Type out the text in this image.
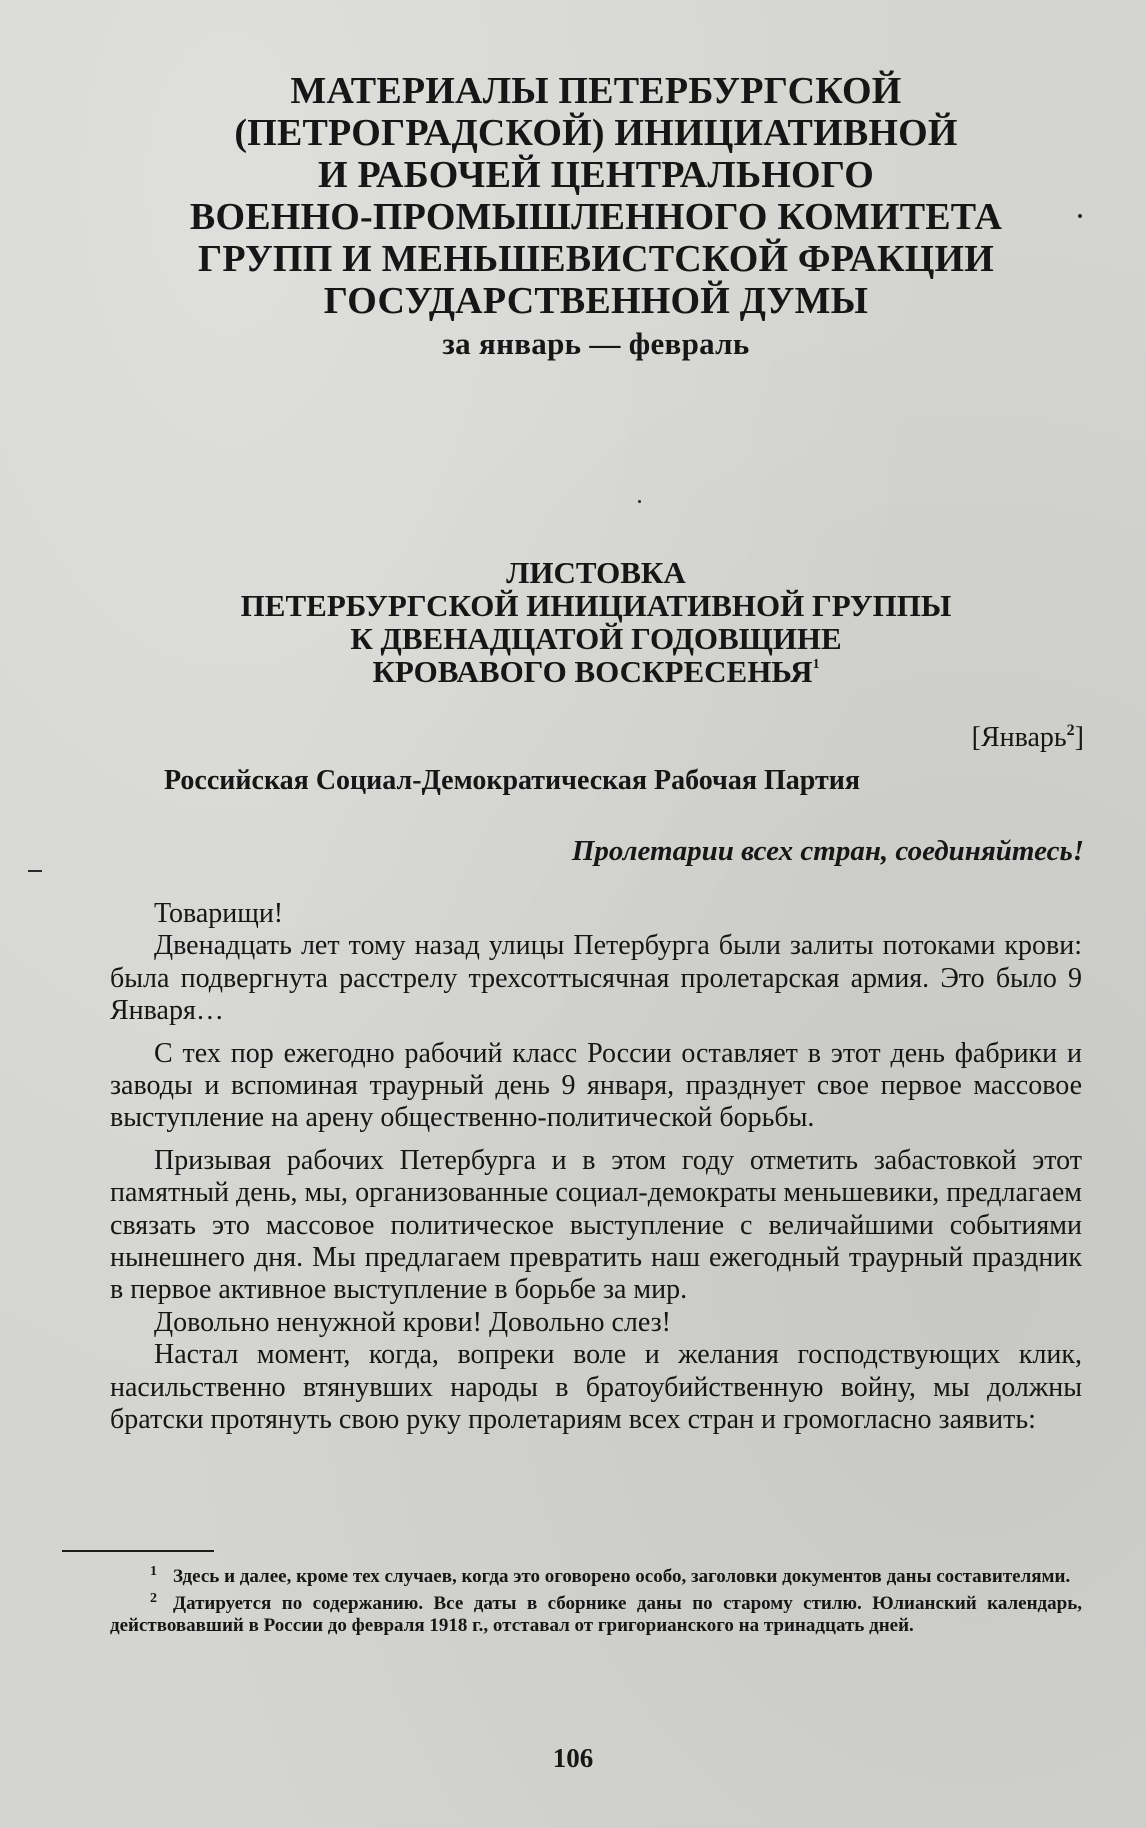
МАТЕРИАЛЫ ПЕТЕРБУРГСКОЙ
(ПЕТРОГРАДСКОЙ) ИНИЦИАТИВНОЙ
И РАБОЧЕЙ ЦЕНТРАЛЬНОГО
ВОЕННО-ПРОМЫШЛЕННОГО КОМИТЕТА
ГРУПП И МЕНЬШЕВИСТСКОЙ ФРАКЦИИ
ГОСУДАРСТВЕННОЙ ДУМЫ
за январь — февраль
ЛИСТОВКА
ПЕТЕРБУРГСКОЙ ИНИЦИАТИВНОЙ ГРУППЫ
К ДВЕНАДЦАТОЙ ГОДОВЩИНЕ
КРОВАВОГО ВОСКРЕСЕНЬЯ$^1$
[Январь$^2$]
Российская Социал-Демократическая Рабочая Партия
Пролетарии всех стран, соединяйтесь!

Товарищи!

Двенадцать лет тому назад улицы Петербурга были залиты потоками крови: была подвергнута расстрелу трехсоттысячная пролетарская армия. Это было 9 Января…

С тех пор ежегодно рабочий класс России оставляет в этот день фабрики и заводы и вспоминая траурный день 9 января, празднует свое первое массовое выступление на арену общественно-политической борьбы.

Призывая рабочих Петербурга и в этом году отметить забастовкой этот памятный день, мы, организованные социал-демократы меньшевики, предлагаем связать это массовое политическое выступление с величайшими событиями нынешнего дня. Мы предлагаем превратить наш ежегодный траурный праздник в первое активное выступление в борьбе за мир.

Довольно ненужной крови! Довольно слез!

Настал момент, когда, вопреки воле и желания господствующих клик, насильственно втянувших народы в братоубийственную войну, мы должны братски протянуть свою руку пролетариям всех стран и громогласно заявить:

$^1$ Здесь и далее, кроме тех случаев, когда это оговорено особо, заголовки документов даны составителями.

$^2$ Датируется по содержанию. Все даты в сборнике даны по старому стилю. Юлианский календарь, действовавший в России до февраля 1918 г., отставал от григорианского на тринадцать дней.

106
